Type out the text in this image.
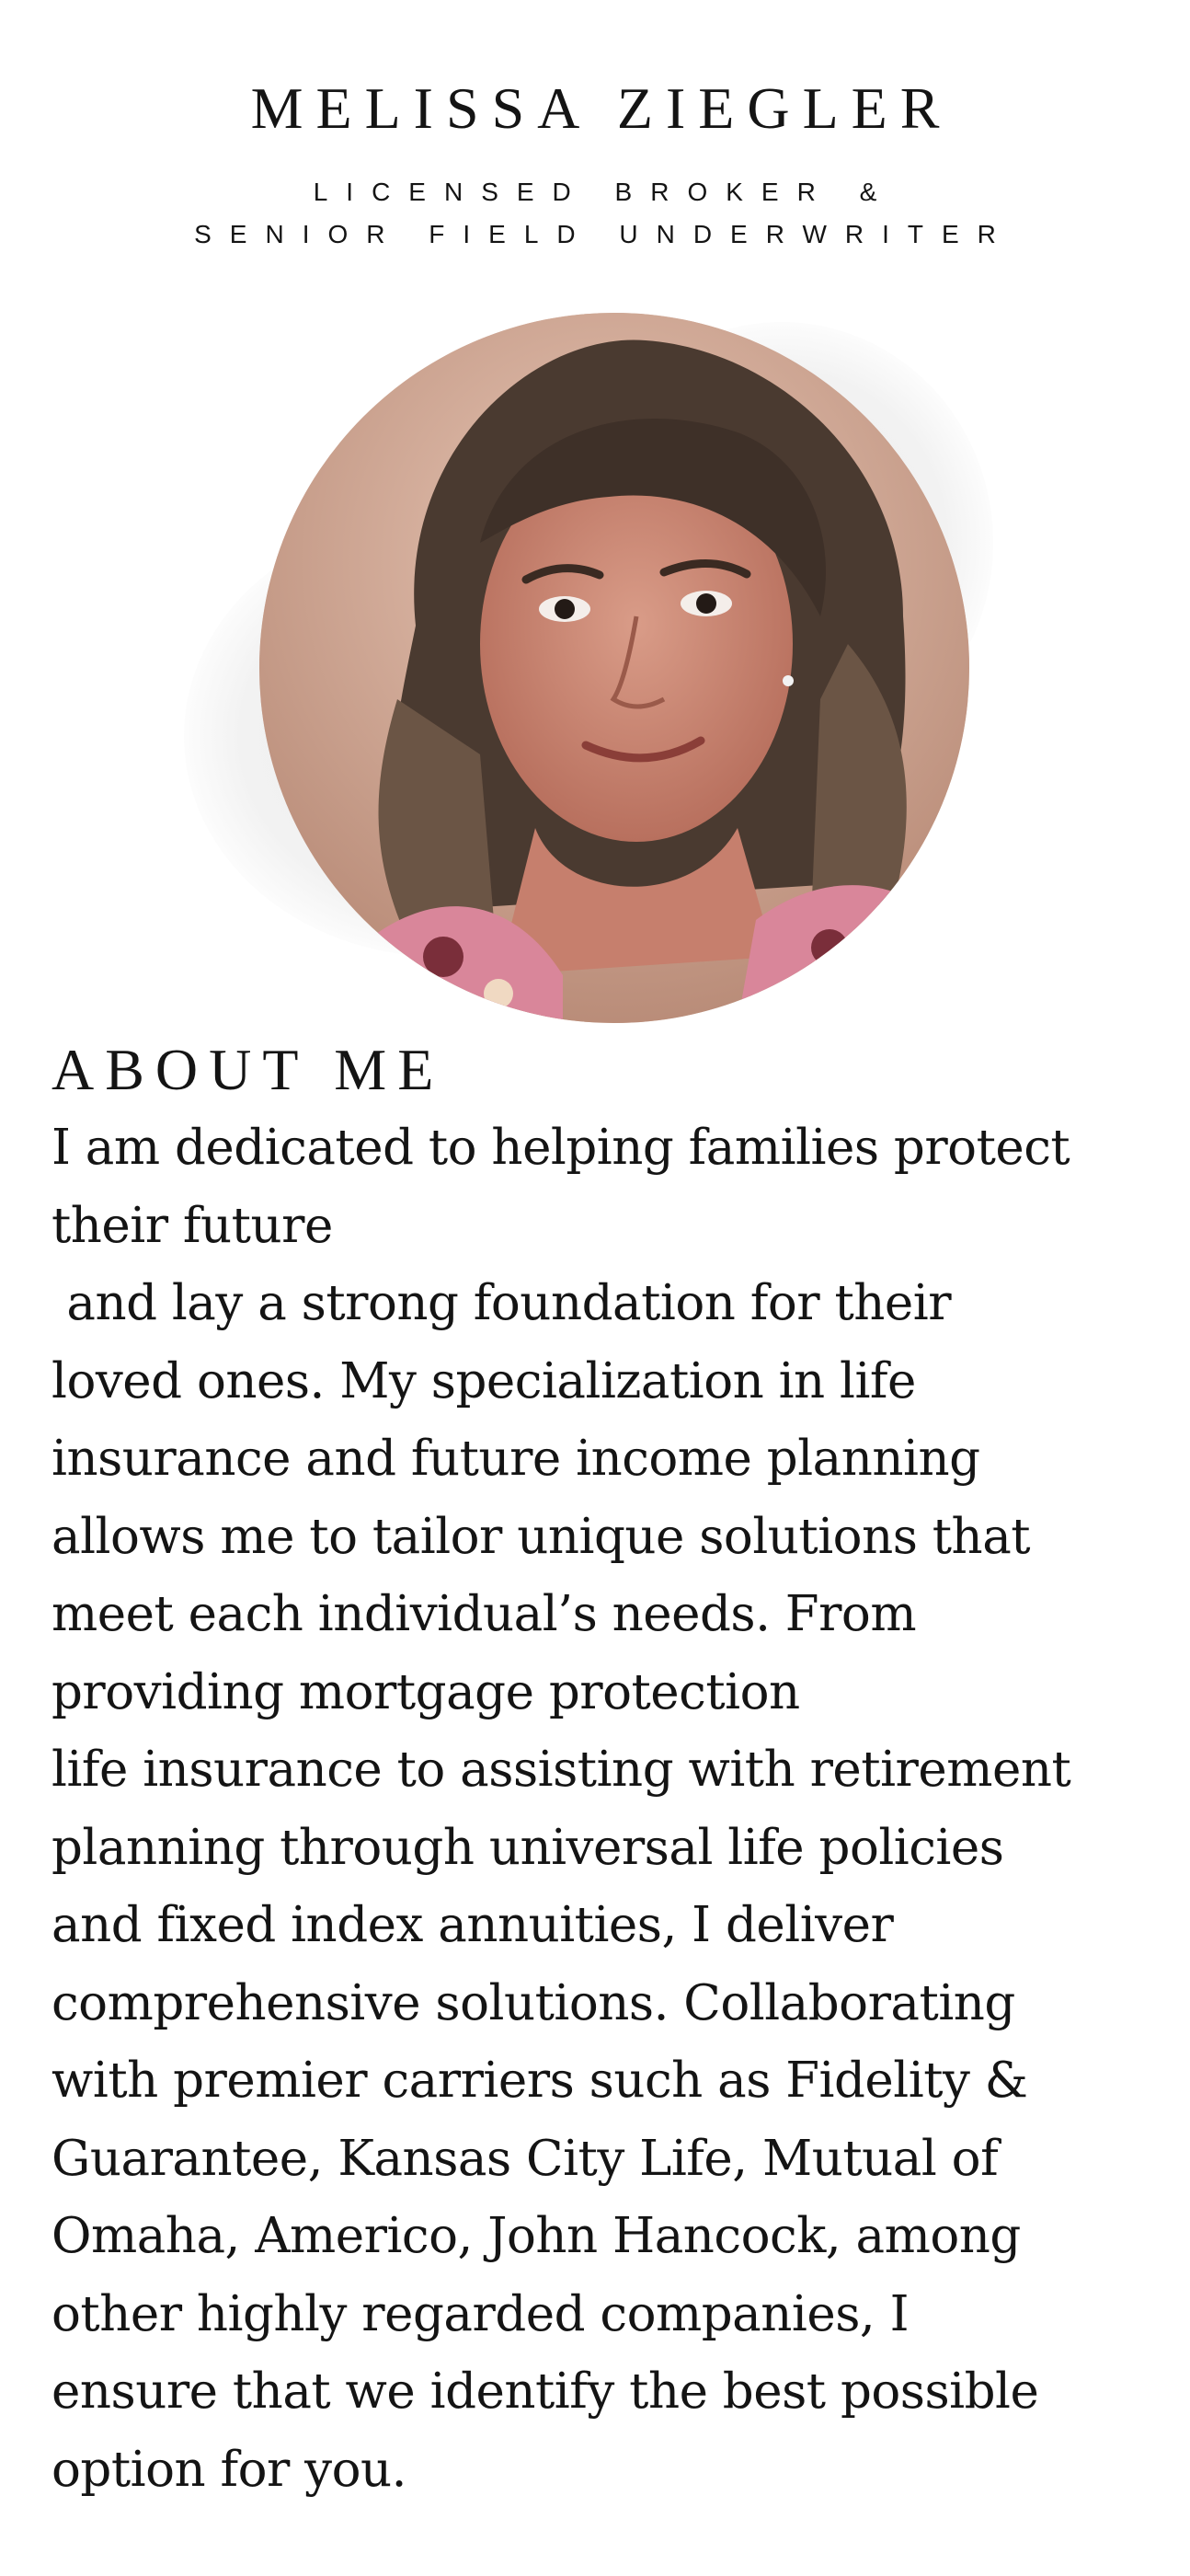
MELISSA ZIEGLER
LICENSED BROKER &
SENIOR FIELD UNDERWRITER
ABOUT ME
I am dedicated to helping families protect
their future
and lay a strong foundation for their
loved ones. My specialization in life
insurance and future income planning
allows me to tailor unique solutions that
meet each individual’s needs. From
providing mortgage protection
life insurance to assisting with retirement
planning through universal life policies
and fixed index annuities, I deliver
comprehensive solutions. Collaborating
with premier carriers such as Fidelity &
Guarantee, Kansas City Life, Mutual of
Omaha, Americo, John Hancock, among
other highly regarded companies, I
ensure that we identify the best possible
option for you.
